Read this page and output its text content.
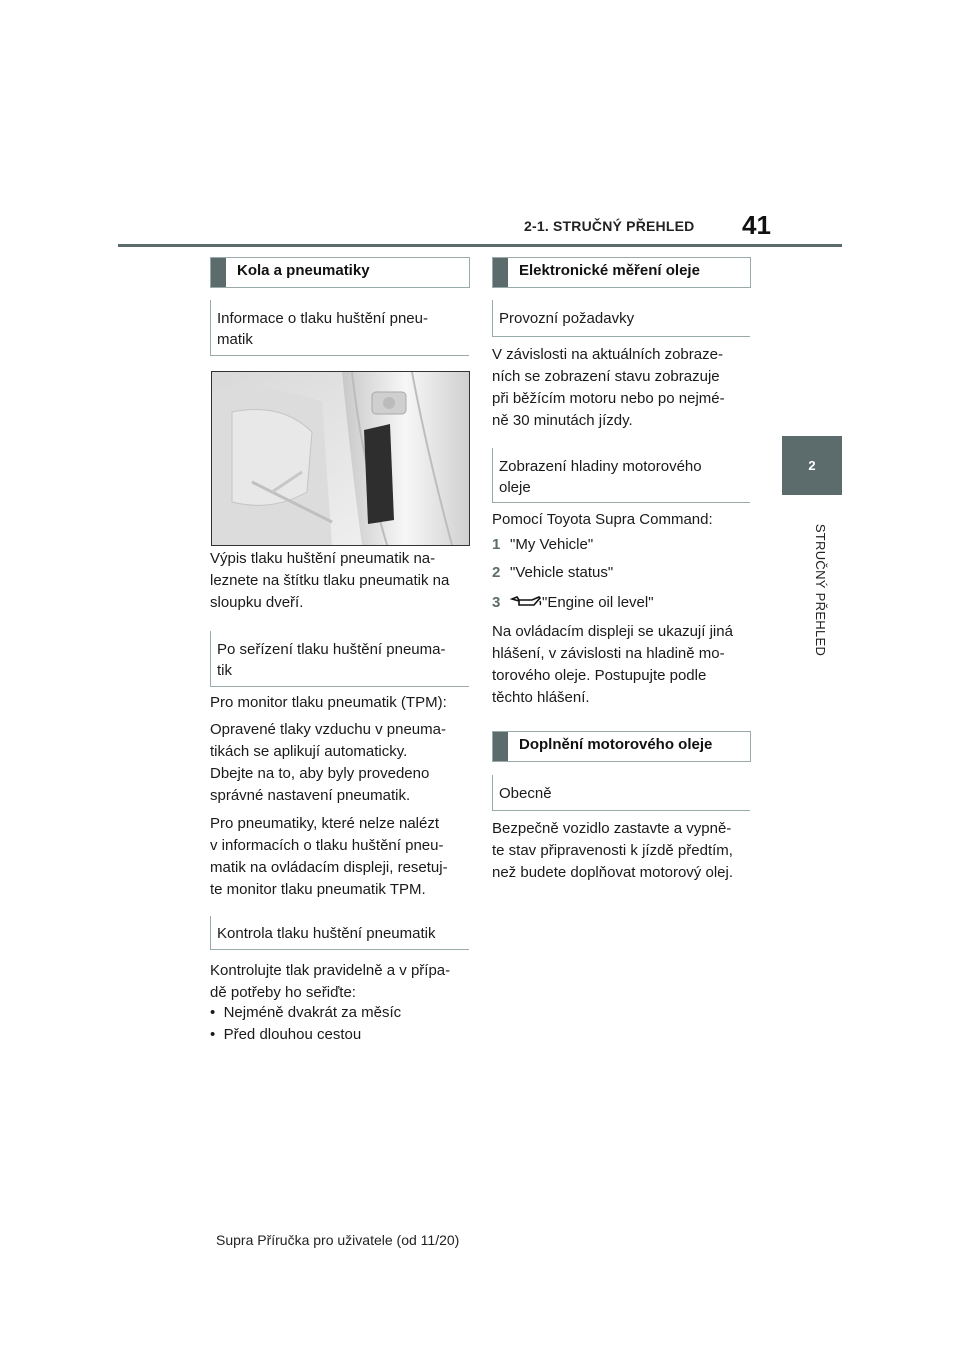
2-1. STRUČNÝ PŘEHLED	41
2
STRUČNÝ PŘEHLED
Kola a pneumatiky
Informace o tlaku huštění pneu-
matik
Výpis tlaku huštění pneumatik na-
leznete na štítku tlaku pneumatik na
sloupku dveří.
Po seřízení tlaku huštění pneuma-
tik
Pro monitor tlaku pneumatik (TPM):
Opravené tlaky vzduchu v pneuma-
tikách se aplikují automaticky.
Dbejte na to, aby byly provedeno
správné nastavení pneumatik.
Pro pneumatiky, které nelze nalézt
v informacích o tlaku huštění pneu-
matik na ovládacím displeji, resetuj-
te monitor tlaku pneumatik TPM.
Kontrola tlaku huštění pneumatik
Kontrolujte tlak pravidelně a v přípa-
dě potřeby ho seřiďte:
•  Nejméně dvakrát za měsíc
•  Před dlouhou cestou
Elektronické měření oleje
Provozní požadavky
V závislosti na aktuálních zobraze-
ních se zobrazení stavu zobrazuje
při běžícím motoru nebo po nejmé-
ně 30 minutách jízdy.
Zobrazení hladiny motorového
oleje
Pomocí Toyota Supra Command:
1 "My Vehicle"
2 "Vehicle status"
3	"Engine oil level"
Na ovládacím displeji se ukazují jiná
hlášení, v závislosti na hladině mo-
torového oleje. Postupujte podle
těchto hlášení.
Doplnění motorového oleje
Obecně
Bezpečně vozidlo zastavte a vypně-
te stav připravenosti k jízdě předtím,
než budete doplňovat motorový olej.
Supra Příručka pro uživatele (od 11/20)
